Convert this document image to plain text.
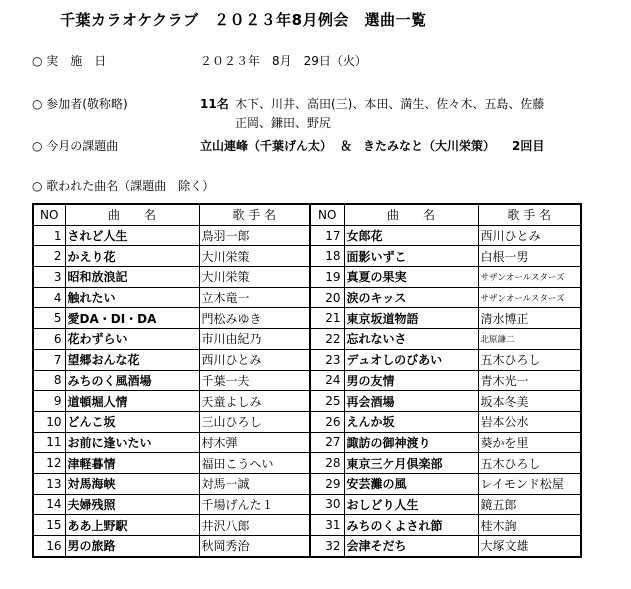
千葉カラオケクラブ　２０２３年8月例会　選曲一覧
○ 実　施　日	２０２３年　8月　29日（火）
○ 参加者(敬称略)	11名 木下、川井、高田(三)、本田、満生、佐々木、五島、佐藤
正岡、鎌田、野尻
○ 今月の課題曲	立山連峰（千葉げん太） ＆ きたみなと（大川栄策） 2回目
○ 歌われた曲名（課題曲　除く）
NO	曲　　名	歌 手 名	NO	曲　　名	歌 手 名
1	されど人生	鳥羽一郎	17	女郎花	西川ひとみ
2	かえり花	大川栄策	18	面影いずこ	白根一男
3	昭和放浪記	大川栄策	19	真夏の果実	サザンオールスターズ
4	触れたい	立木竜一	20	涙のキッス	サザンオールスターズ
5	愛DA・DI・DA	門松みゆき	21	東京坂道物語	清水博正
6	花わずらい	市川由紀乃	22	忘れないさ	北原謙二
7	望郷おんな花	西川ひとみ	23	デュオしのびあい	五木ひろし
8	みちのく風酒場	千葉一夫	24	男の友情	青木光一
9	道頓堀人情	天童よしみ	25	再会酒場	坂本冬美
10	どんこ坂	三山ひろし	26	えんか坂	岩本公水
11	お前に逢いたい	村木弾	27	諏訪の御神渡り	葵かを里
12	津軽暮情	福田こうへい	28	東京三ケ月倶楽部	五木ひろし
13	対馬海峡	対馬一誠	29	安芸灘の風	レイモンド松屋
14	夫婦残照	千場げんた１	30	おしどり人生	鏡五郎
15	ああ上野駅	井沢八郎	31	みちのくよされ節	桂木詢
16	男の旅路	秋岡秀治	32	会津そだち	大塚文雄
